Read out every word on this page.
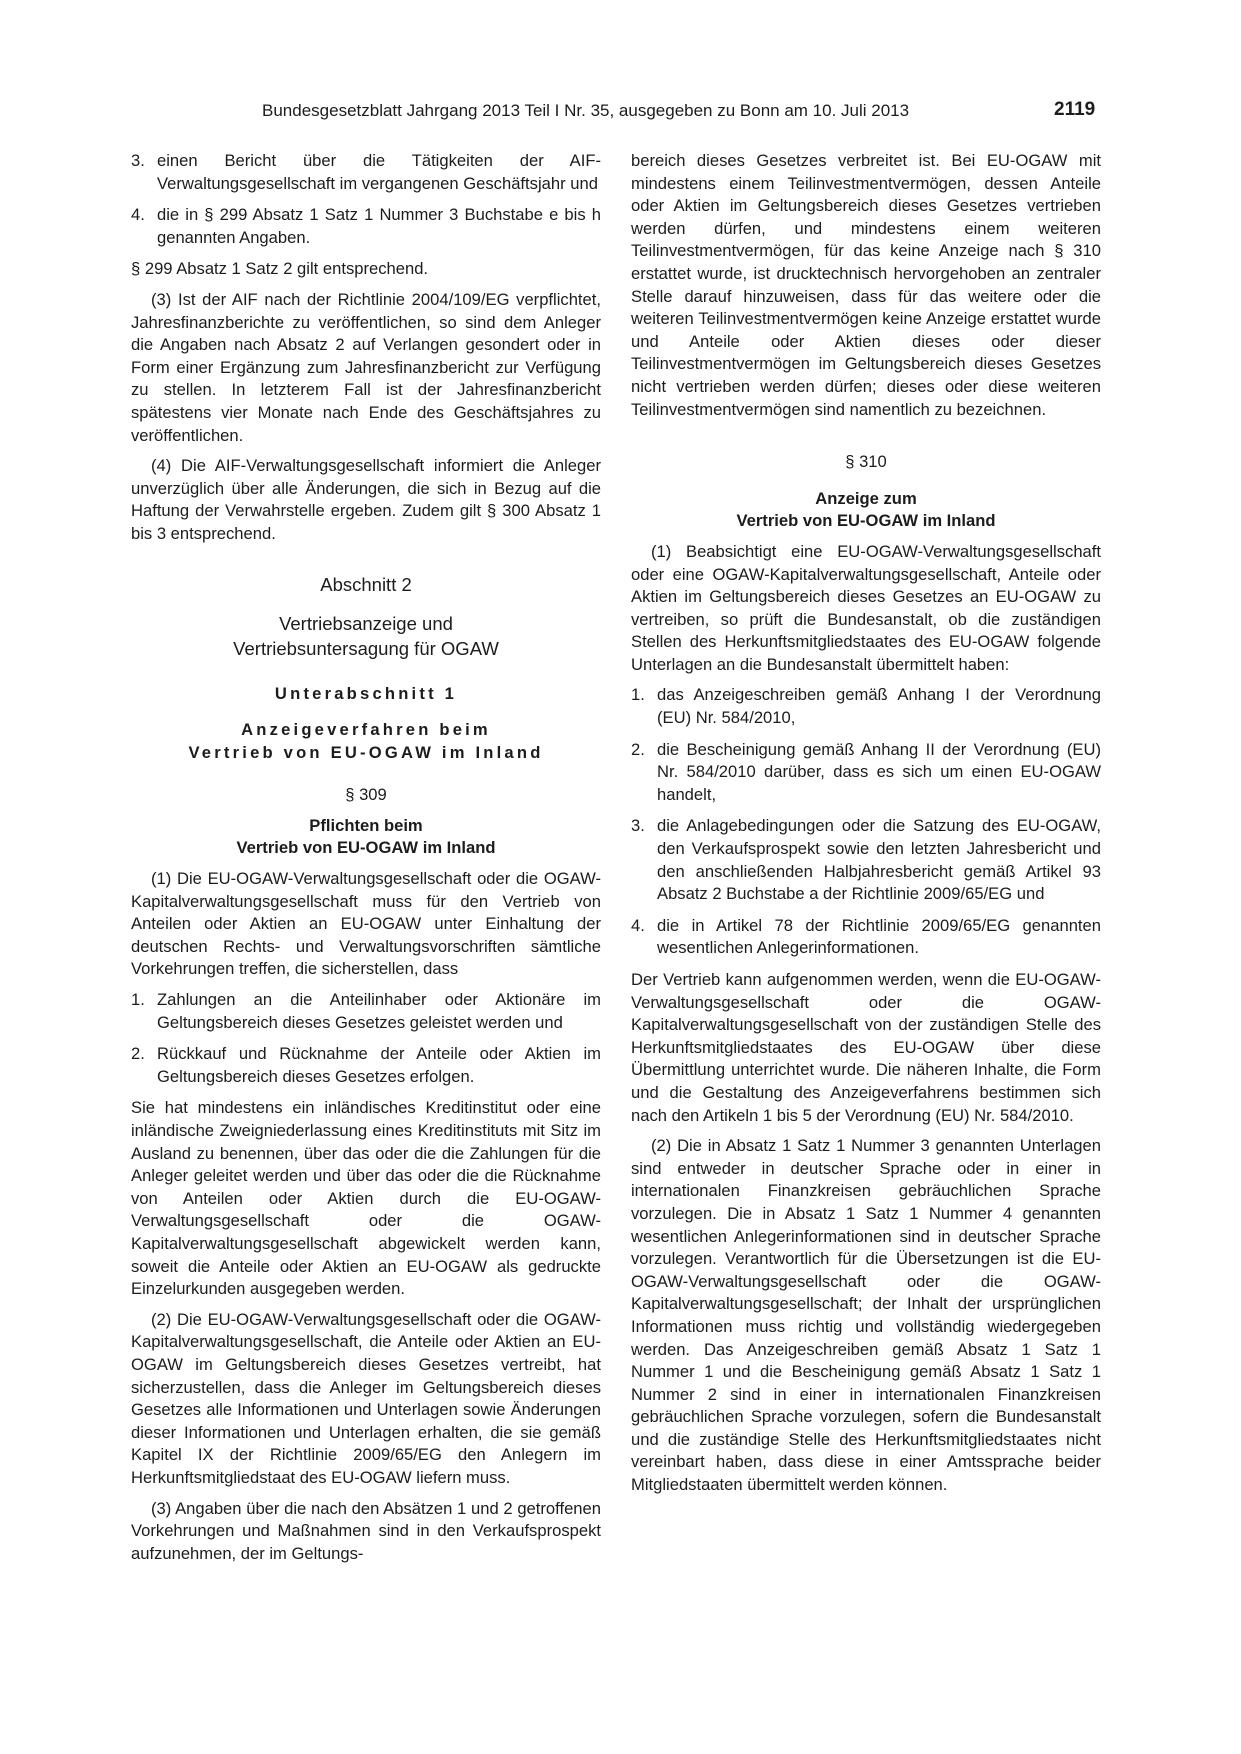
Bundesgesetzblatt Jahrgang 2013 Teil I Nr. 35, ausgegeben zu Bonn am 10. Juli 2013	2119
3. einen Bericht über die Tätigkeiten der AIF-Verwaltungsgesellschaft im vergangenen Geschäftsjahr und
4. die in § 299 Absatz 1 Satz 1 Nummer 3 Buchstabe e bis h genannten Angaben.

§ 299 Absatz 1 Satz 2 gilt entsprechend.

(3) Ist der AIF nach der Richtlinie 2004/109/EG verpflichtet, Jahresfinanzberichte zu veröffentlichen, so sind dem Anleger die Angaben nach Absatz 2 auf Verlangen gesondert oder in Form einer Ergänzung zum Jahresfinanzbericht zur Verfügung zu stellen. In letzterem Fall ist der Jahresfinanzbericht spätestens vier Monate nach Ende des Geschäftsjahres zu veröffentlichen.

(4) Die AIF-Verwaltungsgesellschaft informiert die Anleger unverzüglich über alle Änderungen, die sich in Bezug auf die Haftung der Verwahrstelle ergeben. Zudem gilt § 300 Absatz 1 bis 3 entsprechend.

Abschnitt 2
Vertriebsanzeige und
Vertriebsuntersagung für OGAW
Unterabschnitt 1
Anzeigeverfahren beim
Vertrieb von EU-OGAW im Inland
§ 309
Pflichten beim
Vertrieb von EU-OGAW im Inland

(1) Die EU-OGAW-Verwaltungsgesellschaft oder die OGAW-Kapitalverwaltungsgesellschaft muss für den Vertrieb von Anteilen oder Aktien an EU-OGAW unter Einhaltung der deutschen Rechts- und Verwaltungsvorschriften sämtliche Vorkehrungen treffen, die sicherstellen, dass

1. Zahlungen an die Anteilinhaber oder Aktionäre im Geltungsbereich dieses Gesetzes geleistet werden und
2. Rückkauf und Rücknahme der Anteile oder Aktien im Geltungsbereich dieses Gesetzes erfolgen.

Sie hat mindestens ein inländisches Kreditinstitut oder eine inländische Zweigniederlassung eines Kreditinstituts mit Sitz im Ausland zu benennen, über das oder die die Zahlungen für die Anleger geleitet werden und über das oder die die Rücknahme von Anteilen oder Aktien durch die EU-OGAW-Verwaltungsgesellschaft oder die OGAW-Kapitalverwaltungsgesellschaft abgewickelt werden kann, soweit die Anteile oder Aktien an EU-OGAW als gedruckte Einzelurkunden ausgegeben werden.

(2) Die EU-OGAW-Verwaltungsgesellschaft oder die OGAW-Kapitalverwaltungsgesellschaft, die Anteile oder Aktien an EU-OGAW im Geltungsbereich dieses Gesetzes vertreibt, hat sicherzustellen, dass die Anleger im Geltungsbereich dieses Gesetzes alle Informationen und Unterlagen sowie Änderungen dieser Informationen und Unterlagen erhalten, die sie gemäß Kapitel IX der Richtlinie 2009/65/EG den Anlegern im Herkunftsmitgliedstaat des EU-OGAW liefern muss.

(3) Angaben über die nach den Absätzen 1 und 2 getroffenen Vorkehrungen und Maßnahmen sind in den Verkaufsprospekt aufzunehmen, der im Geltungs-

bereich dieses Gesetzes verbreitet ist. Bei EU-OGAW mit mindestens einem Teilinvestmentvermögen, dessen Anteile oder Aktien im Geltungsbereich dieses Gesetzes vertrieben werden dürfen, und mindestens einem weiteren Teilinvestmentvermögen, für das keine Anzeige nach § 310 erstattet wurde, ist drucktechnisch hervorgehoben an zentraler Stelle darauf hinzuweisen, dass für das weitere oder die weiteren Teilinvestmentvermögen keine Anzeige erstattet wurde und Anteile oder Aktien dieses oder dieser Teilinvestmentvermögen im Geltungsbereich dieses Gesetzes nicht vertrieben werden dürfen; dieses oder diese weiteren Teilinvestmentvermögen sind namentlich zu bezeichnen.

§ 310
Anzeige zum
Vertrieb von EU-OGAW im Inland

(1) Beabsichtigt eine EU-OGAW-Verwaltungsgesellschaft oder eine OGAW-Kapitalverwaltungsgesellschaft, Anteile oder Aktien im Geltungsbereich dieses Gesetzes an EU-OGAW zu vertreiben, so prüft die Bundesanstalt, ob die zuständigen Stellen des Herkunftsmitgliedstaates des EU-OGAW folgende Unterlagen an die Bundesanstalt übermittelt haben:

1. das Anzeigeschreiben gemäß Anhang I der Verordnung (EU) Nr. 584/2010,
2. die Bescheinigung gemäß Anhang II der Verordnung (EU) Nr. 584/2010 darüber, dass es sich um einen EU-OGAW handelt,
3. die Anlagebedingungen oder die Satzung des EU-OGAW, den Verkaufsprospekt sowie den letzten Jahresbericht und den anschließenden Halbjahresbericht gemäß Artikel 93 Absatz 2 Buchstabe a der Richtlinie 2009/65/EG und
4. die in Artikel 78 der Richtlinie 2009/65/EG genannten wesentlichen Anlegerinformationen.

Der Vertrieb kann aufgenommen werden, wenn die EU-OGAW-Verwaltungsgesellschaft oder die OGAW-Kapitalverwaltungsgesellschaft von der zuständigen Stelle des Herkunftsmitgliedstaates des EU-OGAW über diese Übermittlung unterrichtet wurde. Die näheren Inhalte, die Form und die Gestaltung des Anzeigeverfahrens bestimmen sich nach den Artikeln 1 bis 5 der Verordnung (EU) Nr. 584/2010.

(2) Die in Absatz 1 Satz 1 Nummer 3 genannten Unterlagen sind entweder in deutscher Sprache oder in einer in internationalen Finanzkreisen gebräuchlichen Sprache vorzulegen. Die in Absatz 1 Satz 1 Nummer 4 genannten wesentlichen Anlegerinformationen sind in deutscher Sprache vorzulegen. Verantwortlich für die Übersetzungen ist die EU-OGAW-Verwaltungsgesellschaft oder die OGAW-Kapitalverwaltungsgesellschaft; der Inhalt der ursprünglichen Informationen muss richtig und vollständig wiedergegeben werden. Das Anzeigeschreiben gemäß Absatz 1 Satz 1 Nummer 1 und die Bescheinigung gemäß Absatz 1 Satz 1 Nummer 2 sind in einer in internationalen Finanzkreisen gebräuchlichen Sprache vorzulegen, sofern die Bundesanstalt und die zuständige Stelle des Herkunftsmitgliedstaates nicht vereinbart haben, dass diese in einer Amtssprache beider Mitgliedstaaten übermittelt werden können.
